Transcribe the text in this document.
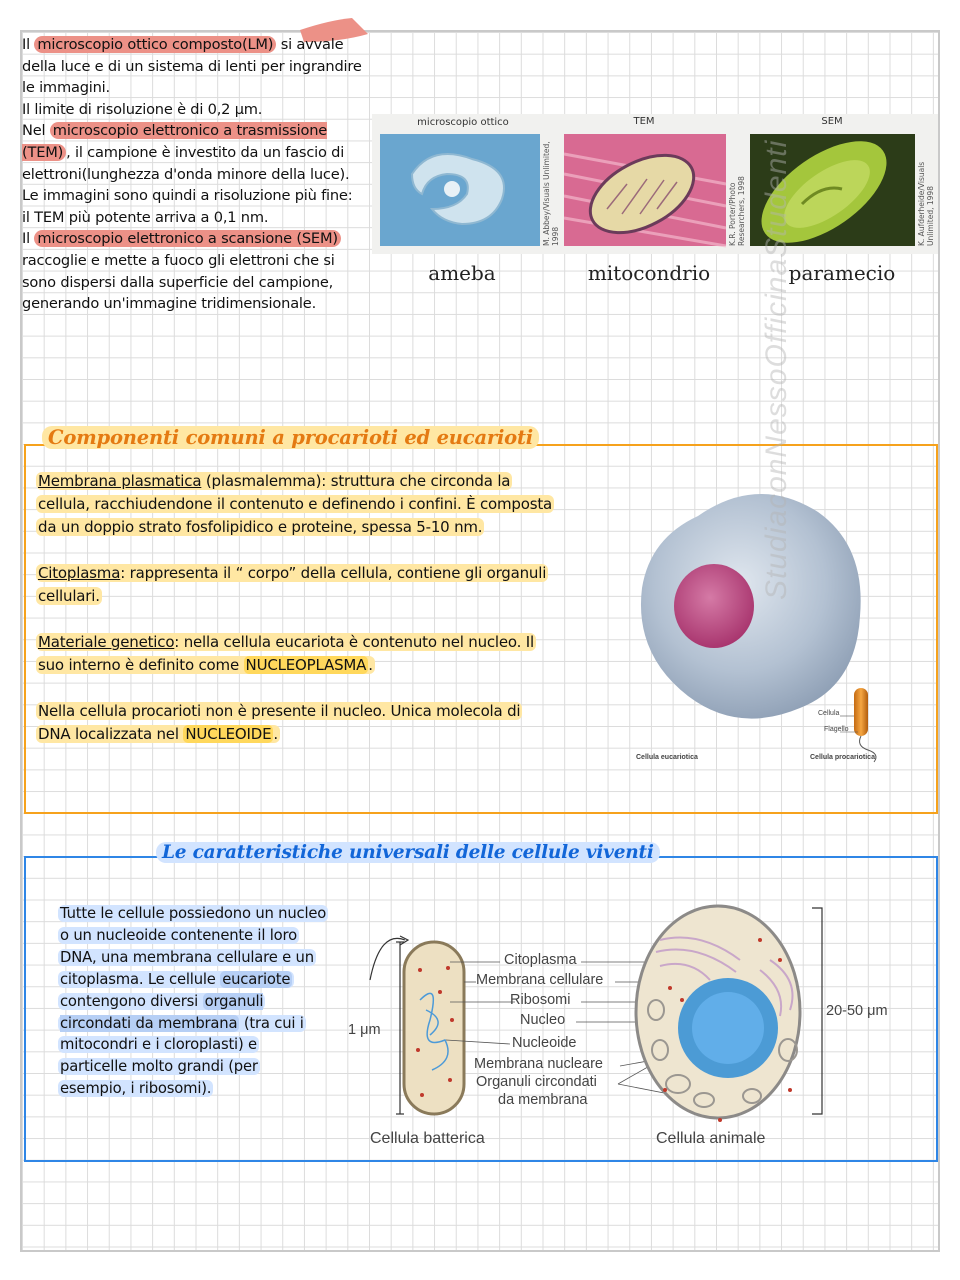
Il microscopio ottico composto(LM) si avvale della luce e di un sistema di lenti per ingrandire le immagini.

Il limite di risoluzione è di 0,2 μm.

Nel microscopio elettronico a trasmissione (TEM) , il campione è investito da un fascio di elettroni(lunghezza d'onda minore della luce). Le immagini sono quindi a risoluzione più fine: il TEM più potente arriva a 0,1 nm.

Il microscopio elettronico a scansione (SEM) raccoglie e mette a fuoco gli elettroni che si sono dispersi dalla superficie del campione, generando un'immagine tridimensionale.

microscopio ottico	TEM	SEM
M. Abbey/Visuals Unlimited, 1998	K.R. Porter/Photo Researchers, 1998	K. Aufderheide/Visuals Unlimited, 1998
ameba	mitocondrio	paramecio
Componenti comuni a procarioti ed eucarioti

Membrana plasmatica (plasmalemma): struttura che circonda la cellula, racchiudendone il contenuto e definendo i confini. È composta da un doppio strato fosfolipidico e proteine, spessa 5-10 nm.

Citoplasma: rappresenta il “ corpo” della cellula, contiene gli organuli cellulari.

Materiale genetico: nella cellula eucariota è contenuto nel nucleo. Il suo interno è definito come NUCLEOPLASMA .

Nella cellula procarioti non è presente il nucleo. Unica molecola di DNA localizzata nel NUCLEOIDE .

Cellula eucariotica	Cellula procariotica
Cellula
Flagello
Le caratteristiche universali delle cellule viventi

Tutte le cellule possiedono un nucleo o un nucleoide contenente il loro DNA, una membrana cellulare e un citoplasma. Le cellule eucariote contengono diversi organuli circondati da membrana (tra cui i mitocondri e i cloroplasti) e particelle molto grandi (per esempio, i ribosomi).

Citoplasma
Membrana cellulare
Ribosomi
Nucleo
Nucleoide
Membrana nucleare
Organuli circondati
da membrana
1 μm
20-50 μm
Cellula batterica	Cellula animale
StudiaconNessoOfficinaStudenti
